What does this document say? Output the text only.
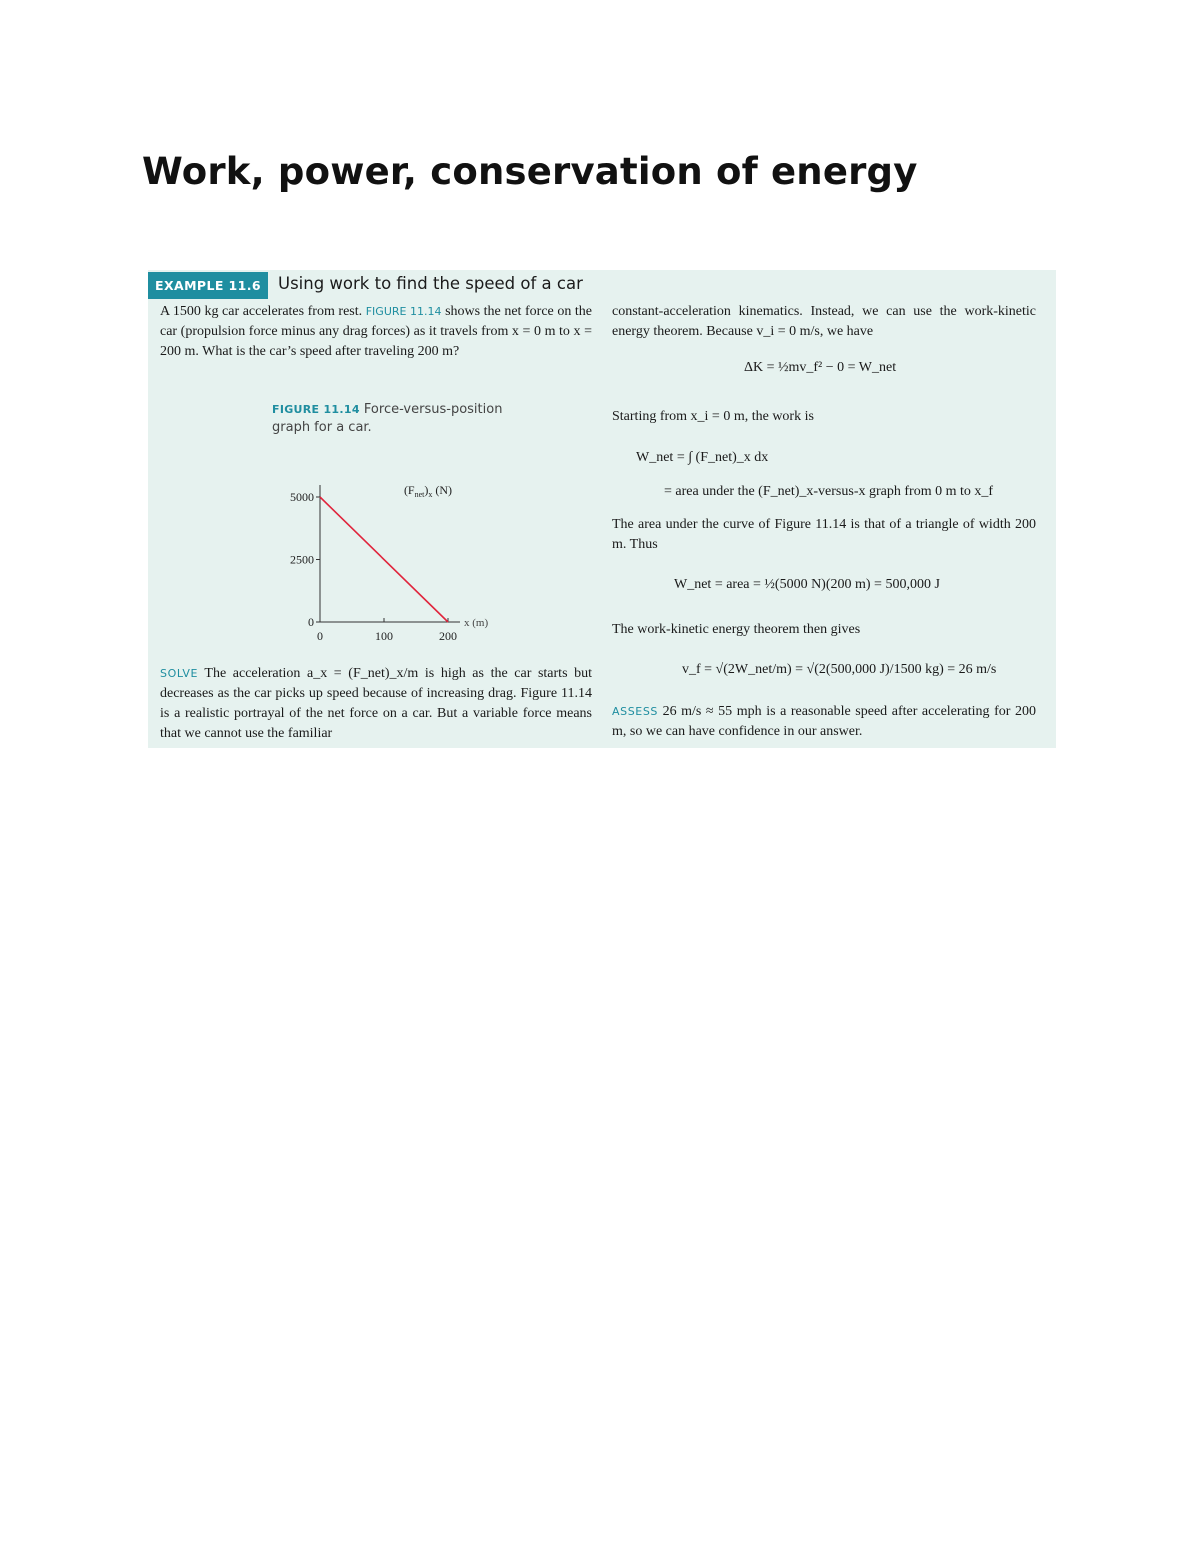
Work, power, conservation of energy
EXAMPLE 11.6	Using work to find the speed of a car

A 1500 kg car accelerates from rest. FIGURE 11.14 shows the net force on the car (propulsion force minus any drag forces) as it travels from x = 0 m to x = 200 m. What is the car’s speed after traveling 200 m?

FIGURE 11.14 Force-versus-position graph for a car.
$(F_{net})_x$ (N)
0
2500
5000
0	100	200
x (m)

SOLVE The acceleration a_x = (F_net)_x/m is high as the car starts but decreases as the car picks up speed because of increasing drag. Figure 11.14 is a realistic portrayal of the net force on a car. But a variable force means that we cannot use the familiar

constant-acceleration kinematics. Instead, we can use the work-kinetic energy theorem. Because v_i = 0 m/s, we have

ΔK = ½mv_f² − 0 = W_net

Starting from x_i = 0 m, the work is

W_net = ∫ (F_net)_x dx
= area under the (F_net)_x-versus-x graph from 0 m to x_f

The area under the curve of Figure 11.14 is that of a triangle of width 200 m. Thus

W_net = area = ½(5000 N)(200 m) = 500,000 J

The work-kinetic energy theorem then gives

v_f = √(2W_net/m) = √(2(500,000 J)/1500 kg) = 26 m/s

ASSESS 26 m/s ≈ 55 mph is a reasonable speed after accelerating for 200 m, so we can have confidence in our answer.
